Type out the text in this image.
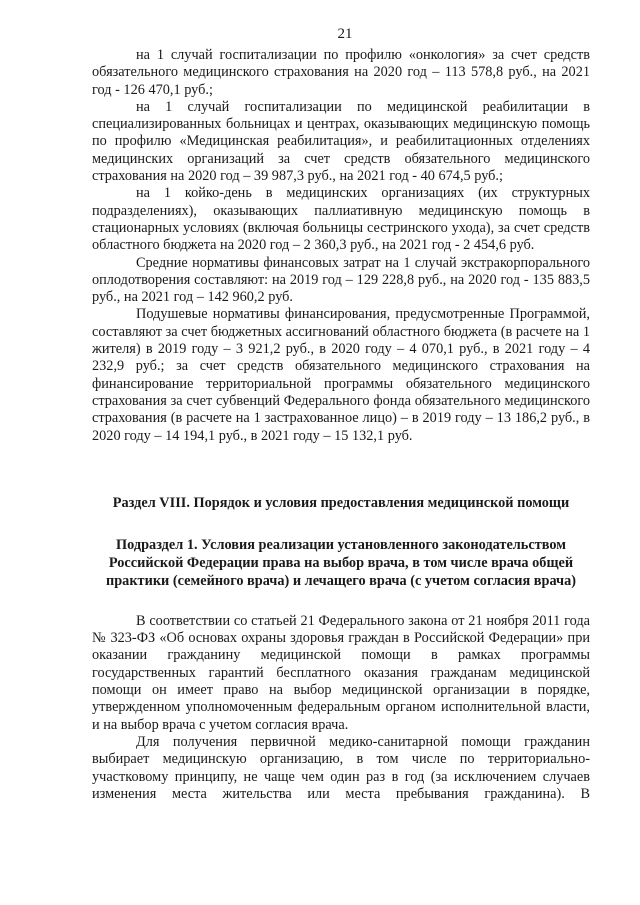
21

на 1 случай госпитализации по профилю «онкология» за счет средств обязательного медицинского страхования на 2020 год – 113 578,8 руб., на 2021 год - 126 470,1 руб.;

на 1 случай госпитализации по медицинской реабилитации в специализированных больницах и центрах, оказывающих медицинскую помощь по профилю «Медицинская реабилитация», и реабилитационных отделениях медицинских организаций за счет средств обязательного медицинского страхования на 2020 год – 39 987,3 руб., на 2021 год - 40 674,5 руб.;

на 1 койко-день в медицинских организациях (их структурных подразделениях), оказывающих паллиативную медицинскую помощь в стационарных условиях (включая больницы сестринского ухода), за счет средств областного бюджета на 2020 год – 2 360,3 руб., на 2021 год - 2 454,6 руб.

Средние нормативы финансовых затрат на 1 случай экстракорпорального оплодотворения составляют: на 2019 год – 129 228,8 руб., на 2020 год - 135 883,5 руб., на 2021 год – 142 960,2 руб.

Подушевые нормативы финансирования, предусмотренные Программой, составляют за счет бюджетных ассигнований областного бюджета (в расчете на 1 жителя) в 2019 году – 3 921,2 руб., в 2020 году – 4 070,1 руб., в 2021 году – 4 232,9 руб.; за счет средств обязательного медицинского страхования на финансирование территориальной программы обязательного медицинского страхования за счет субвенций Федерального фонда обязательного медицинского страхования (в расчете на 1 застрахованное лицо) – в 2019 году – 13 186,2 руб., в 2020 году – 14 194,1 руб., в 2021 году – 15 132,1 руб.

Раздел VIII. Порядок и условия предоставления медицинской помощи

Подраздел 1. Условия реализации установленного законодательством Российской Федерации права на выбор врача, в том числе врача общей практики (семейного врача) и лечащего врача (с учетом согласия врача)

В соответствии со статьей 21 Федерального закона от 21 ноября 2011 года № 323-ФЗ «Об основах охраны здоровья граждан в Российской Федерации» при оказании гражданину медицинской помощи в рамках программы государственных гарантий бесплатного оказания гражданам медицинской помощи он имеет право на выбор медицинской организации в порядке, утвержденном уполномоченным федеральным органом исполнительной власти, и на выбор врача с учетом согласия врача.

Для получения первичной медико-санитарной помощи гражданин выбирает медицинскую организацию, в том числе по территориально-участковому принципу, не чаще чем один раз в год (за исключением случаев изменения места жительства или места пребывания гражданина). В
